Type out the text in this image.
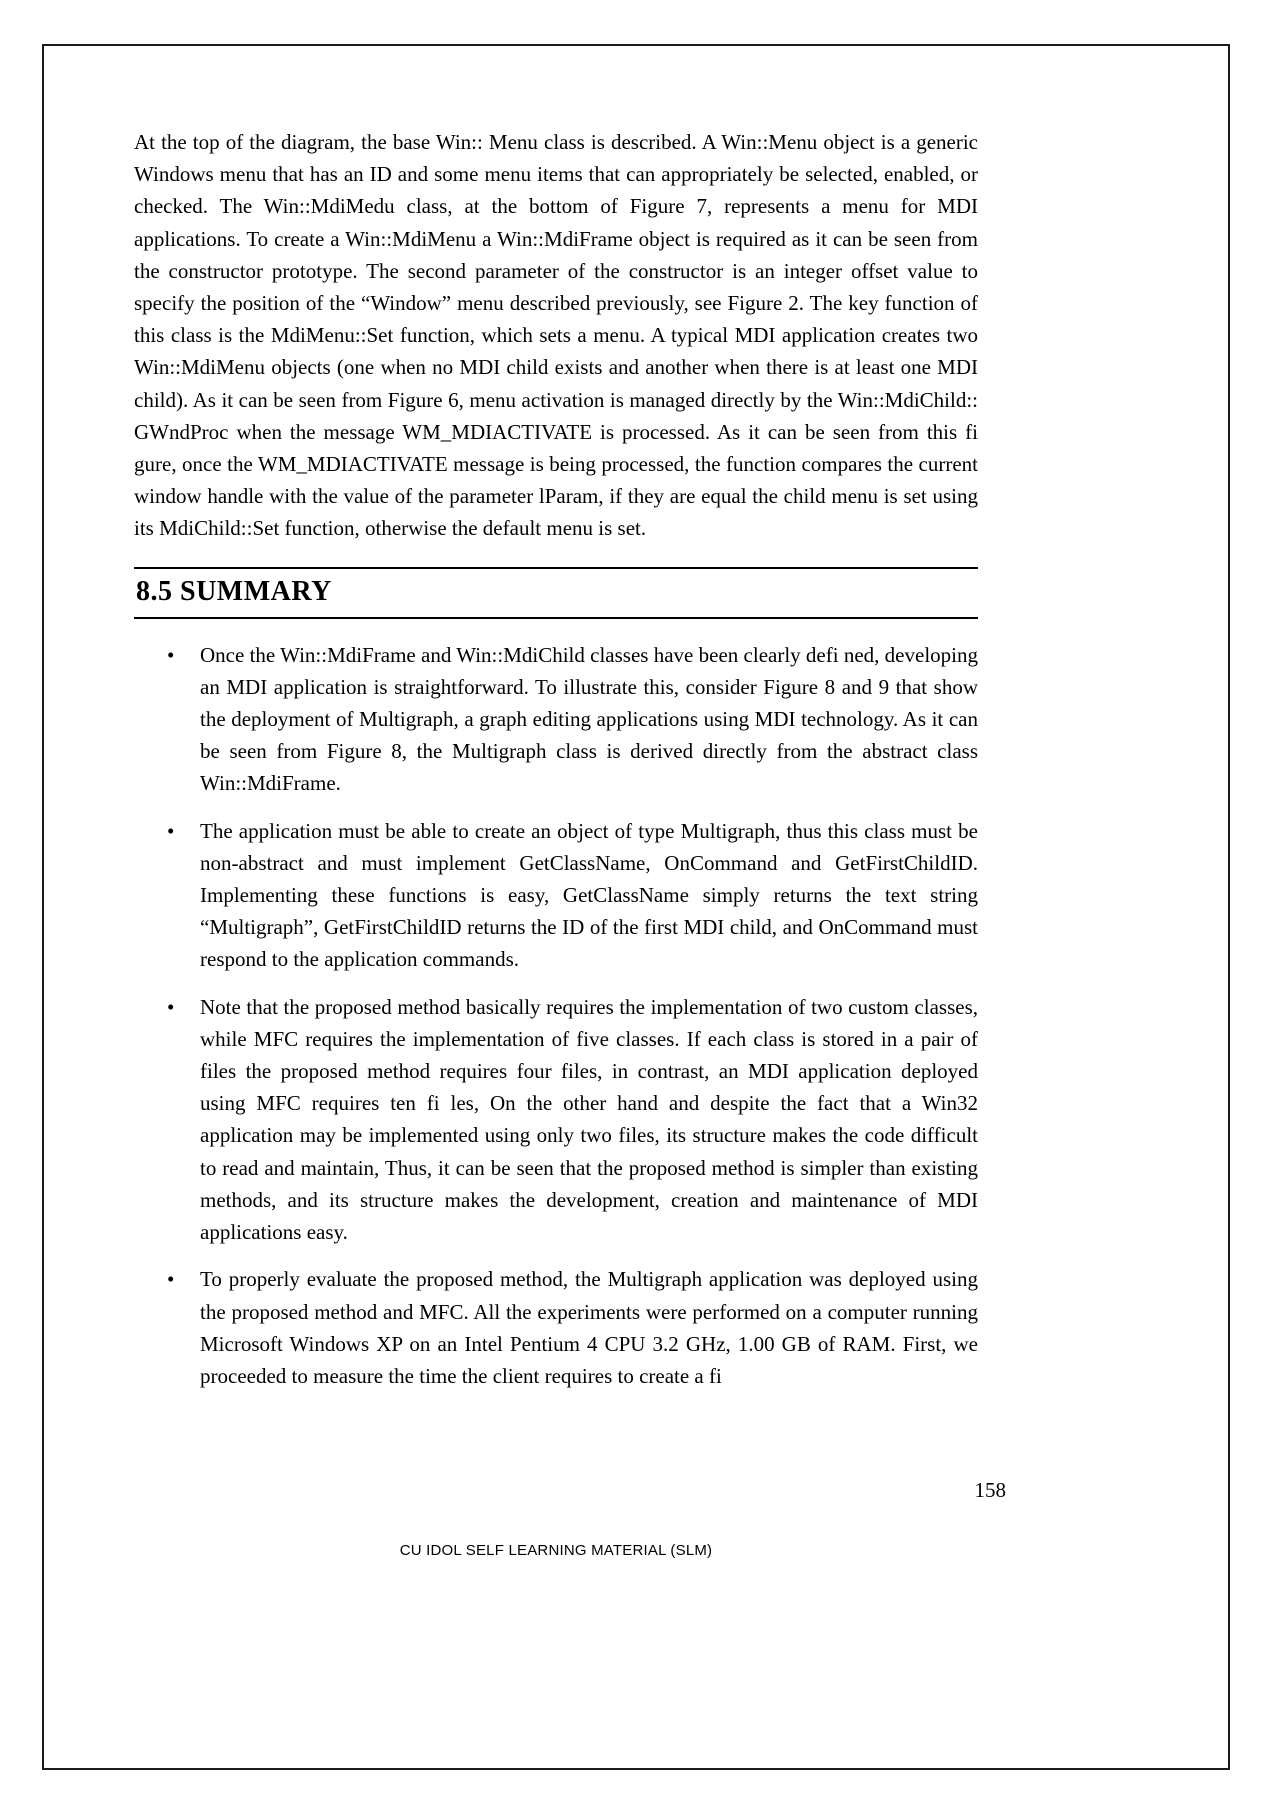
At the top of the diagram, the base Win:: Menu class is described. A Win::Menu object is a generic Windows menu that has an ID and some menu items that can appropriately be selected, enabled, or checked. The Win::MdiMedu class, at the bottom of Figure 7, represents a menu for MDI applications. To create a Win::MdiMenu a Win::MdiFrame object is required as it can be seen from the constructor prototype. The second parameter of the constructor is an integer offset value to specify the position of the “Window” menu described previously, see Figure 2. The key function of this class is the MdiMenu::Set function, which sets a menu. A typical MDI application creates two Win::MdiMenu objects (one when no MDI child exists and another when there is at least one MDI child). As it can be seen from Figure 6, menu activation is managed directly by the Win::MdiChild:: GWndProc when the message WM_MDIACTIVATE is processed. As it can be seen from this fi gure, once the WM_MDIACTIVATE message is being processed, the function compares the current window handle with the value of the parameter lParam, if they are equal the child menu is set using its MdiChild::Set function, otherwise the default menu is set.

8.5 SUMMARY
• Once the Win::MdiFrame and Win::MdiChild classes have been clearly defi ned, developing an MDI application is straightforward. To illustrate this, consider Figure 8 and 9 that show the deployment of Multigraph, a graph editing applications using MDI technology. As it can be seen from Figure 8, the Multigraph class is derived directly from the abstract class Win::MdiFrame.
• The application must be able to create an object of type Multigraph, thus this class must be non-abstract and must implement GetClassName, OnCommand and GetFirstChildID. Implementing these functions is easy, GetClassName simply returns the text string “Multigraph”, GetFirstChildID returns the ID of the first MDI child, and OnCommand must respond to the application commands.
• Note that the proposed method basically requires the implementation of two custom classes, while MFC requires the implementation of five classes. If each class is stored in a pair of files the proposed method requires four files, in contrast, an MDI application deployed using MFC requires ten fi les, On the other hand and despite the fact that a Win32 application may be implemented using only two files, its structure makes the code difficult to read and maintain, Thus, it can be seen that the proposed method is simpler than existing methods, and its structure makes the development, creation and maintenance of MDI applications easy.
• To properly evaluate the proposed method, the Multigraph application was deployed using the proposed method and MFC. All the experiments were performed on a computer running Microsoft Windows XP on an Intel Pentium 4 CPU 3.2 GHz, 1.00 GB of RAM. First, we proceeded to measure the time the client requires to create a fi
158
CU IDOL SELF LEARNING MATERIAL (SLM)
